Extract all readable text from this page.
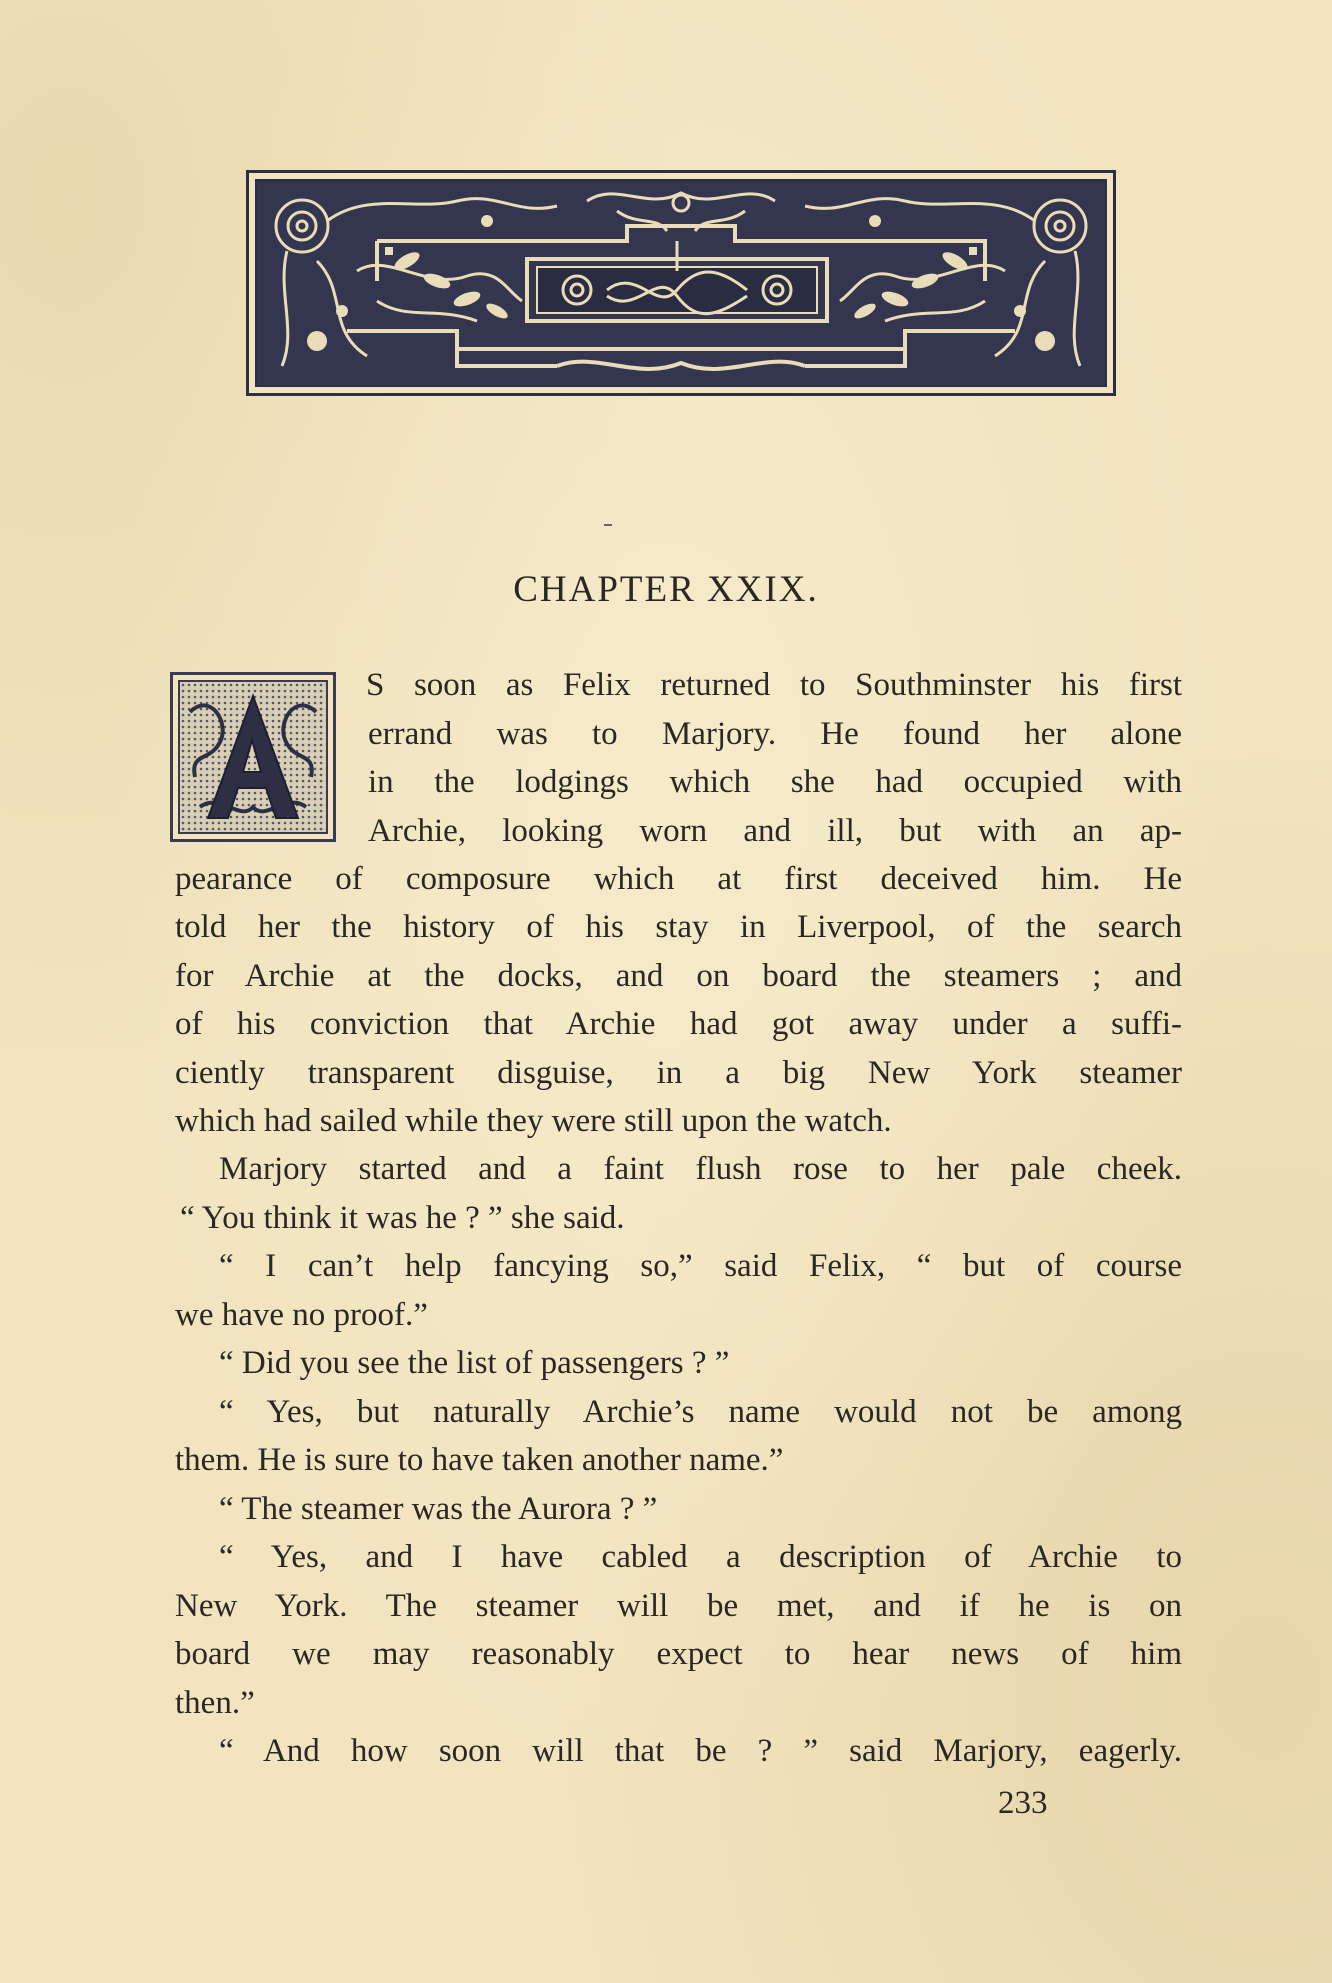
CHAPTER XXIX.
S soon as Felix returned to Southminster his first
errand was to Marjory. He found her alone
in the lodgings which she had occupied with
Archie, looking worn and ill, but with an ap-
pearance of composure which at first deceived him. He
told her the history of his stay in Liverpool, of the search
for Archie at the docks, and on board the steamers ; and
of his conviction that Archie had got away under a suffi-
ciently transparent disguise, in a big New York steamer
which had sailed while they were still upon the watch.
Marjory started and a faint flush rose to her pale cheek.
“ You think it was he ? ” she said.
“ I can’t help fancying so,” said Felix, “ but of course
we have no proof.”
“ Did you see the list of passengers ? ”
“ Yes, but naturally Archie’s name would not be among
them. He is sure to have taken another name.”
“ The steamer was the Aurora ? ”
“ Yes, and I have cabled a description of Archie to
New York. The steamer will be met, and if he is on
board we may reasonably expect to hear news of him
then.”
“ And how soon will that be ? ” said Marjory, eagerly.
233
